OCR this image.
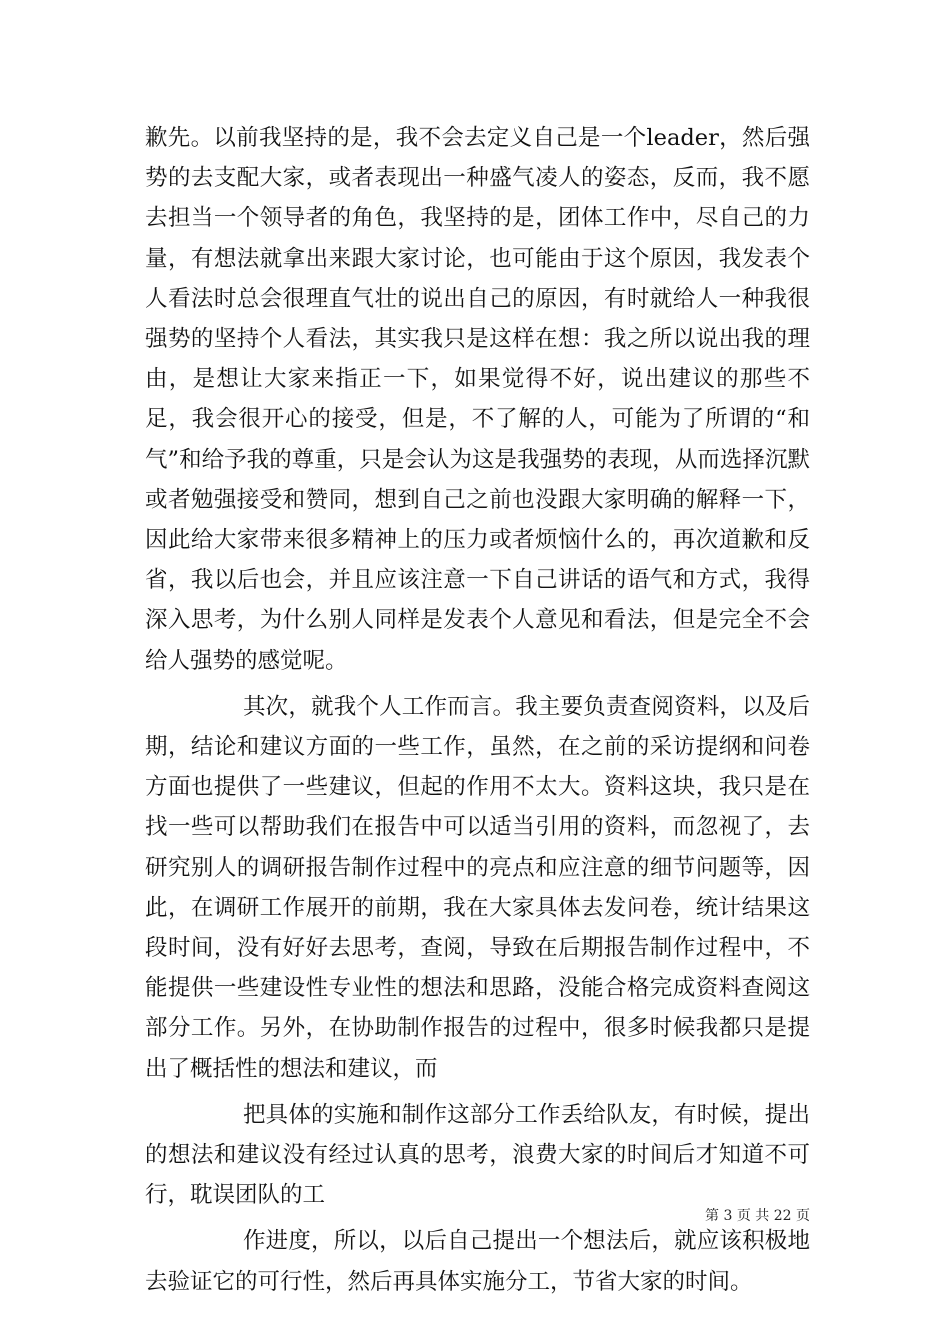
歉先。以前我坚持的是，我不会去定义自己是一个leader，然后强势的去支配大家，或者表现出一种盛气凌人的姿态，反而，我不愿去担当一个领导者的角色，我坚持的是，团体工作中，尽自己的力量，有想法就拿出来跟大家讨论，也可能由于这个原因，我发表个人看法时总会很理直气壮的说出自己的原因，有时就给人一种我很强势的坚持个人看法，其实我只是这样在想：我之所以说出我的理由，是想让大家来指正一下，如果觉得不好，说出建议的那些不足，我会很开心的接受，但是，不了解的人，可能为了所谓的“和气”和给予我的尊重，只是会认为这是我强势的表现，从而选择沉默或者勉强接受和赞同，想到自己之前也没跟大家明确的解释一下，因此给大家带来很多精神上的压力或者烦恼什么的，再次道歉和反省，我以后也会，并且应该注意一下自己讲话的语气和方式，我得深入思考，为什么别人同样是发表个人意见和看法，但是完全不会给人强势的感觉呢。

其次，就我个人工作而言。我主要负责查阅资料，以及后期，结论和建议方面的一些工作，虽然，在之前的采访提纲和问卷方面也提供了一些建议，但起的作用不太大。资料这块，我只是在找一些可以帮助我们在报告中可以适当引用的资料，而忽视了，去研究别人的调研报告制作过程中的亮点和应注意的细节问题等，因此，在调研工作展开的前期，我在大家具体去发问卷，统计结果这段时间，没有好好去思考，查阅，导致在后期报告制作过程中，不能提供一些建设性专业性的想法和思路，没能合格完成资料查阅这部分工作。另外，在协助制作报告的过程中，很多时候我都只是提出了概括性的想法和建议，而

把具体的实施和制作这部分工作丢给队友，有时候，提出的想法和建议没有经过认真的思考，浪费大家的时间后才知道不可行，耽误团队的工

作进度，所以，以后自己提出一个想法后，就应该积极地去验证它的可行性，然后再具体实施分工，节省大家的时间。

第 3 页 共 22 页
